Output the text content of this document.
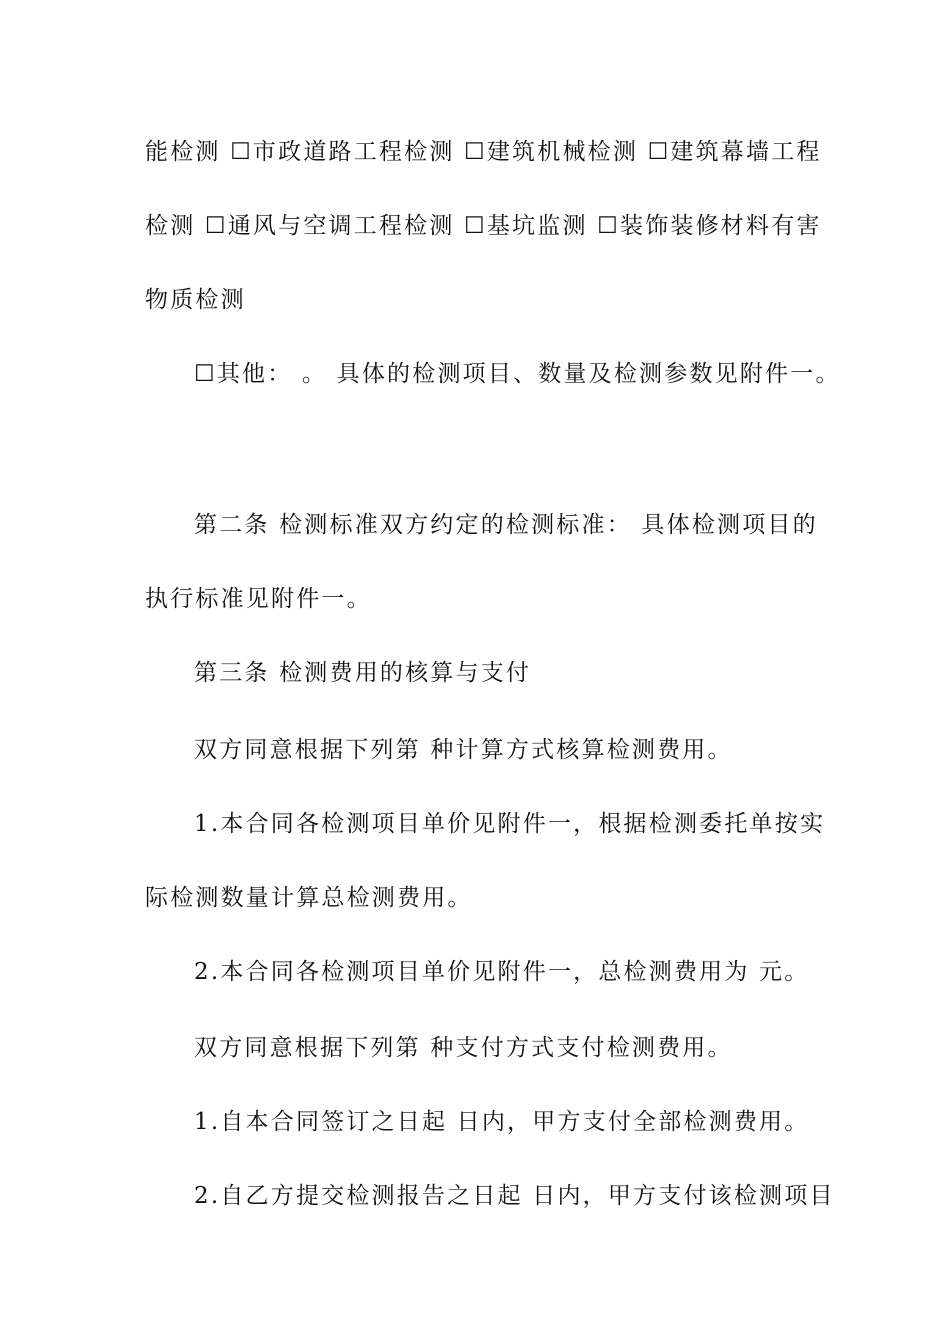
能检测 ☐市政道路工程检测 ☐建筑机械检测 ☐建筑幕墙工程
检测 ☐通风与空调工程检测 ☐基坑监测 ☐装饰装修材料有害
物质检测
☐其他： 。 具体的检测项目、数量及检测参数见附件一。
第二条 检测标准双方约定的检测标准： 具体检测项目的
执行标准见附件一。
第三条 检测费用的核算与支付
双方同意根据下列第 种计算方式核算检测费用。
1.本合同各检测项目单价见附件一，根据检测委托单按实
际检测数量计算总检测费用。
2.本合同各检测项目单价见附件一，总检测费用为 元。
双方同意根据下列第 种支付方式支付检测费用。
1.自本合同签订之日起 日内，甲方支付全部检测费用。
2.自乙方提交检测报告之日起 日内，甲方支付该检测项目
